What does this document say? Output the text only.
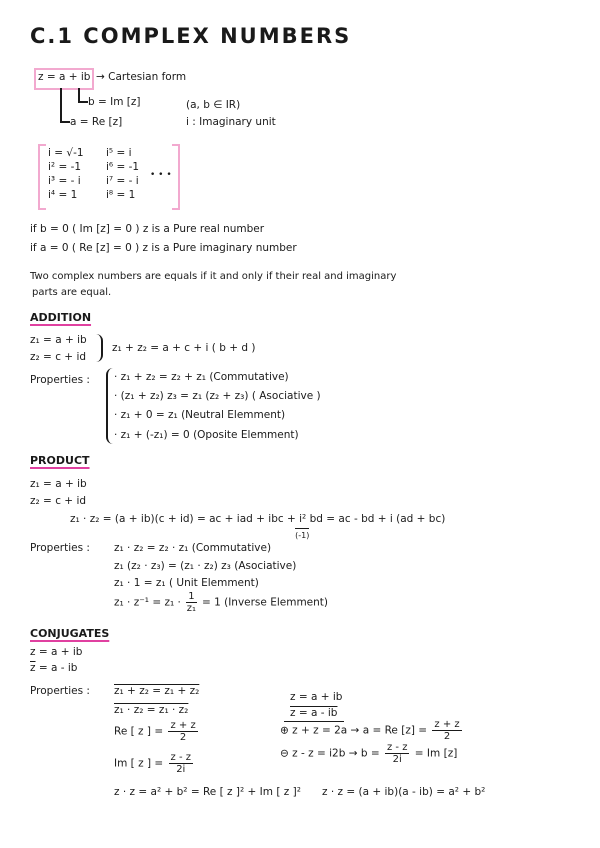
C.1 COMPLEX NUMBERS
z = a + ib → Cartesian form
b = Im [z]
a = Re [z]
(a, b ∈ IR)
i : Imaginary unit
i = √-1
i² = -1
i³ = - i
i⁴ = 1
i⁵ = i
i⁶ = -1
i⁷ = - i
i⁸ = 1
• • •
if b = 0 ( Im [z] = 0 ) z is a Pure real number
if a = 0 ( Re [z] = 0 ) z is a Pure imaginary number
Two complex numbers are equals if it and only if their real and imaginary
parts are equal.
ADDITION
z₁ = a + ib
z₂ = c + id
z₁ + z₂ = a + c + i ( b + d )
Properties : · z₁ + z₂ = z₂ + z₁ (Commutative)
· (z₁ + z₂) z₃ = z₁ (z₂ + z₃) ( Asociative )
· z₁ + 0 = z₁ (Neutral Elemment)
· z₁ + (-z₁) = 0 (Oposite Elemment)
PRODUCT
z₁ = a + ib
z₂ = c + id
z₁ · z₂ = (a + ib)(c + id) = ac + iad + ibc + i²
(-1)
bd = ac - bd + i (ad + bc)
Properties : z₁ · z₂ = z₂ · z₁ (Commutative)
z₁ (z₂ · z₃) = (z₁ · z₂) z₃ (Asociative)
z₁ · 1 = z₁ ( Unit Elemment)
$z_1 \cdot z^{-1} = z_1 \cdot \frac{1}{\text{z₁}} = 1$ (Inverse Elemment)
CONJUGATES
z = a + ib
$\overline{z} = a$ - ib
Properties : z₁ + z₂ = z₁ + z₂
z₁ · z₂ = z₁ · z₂
Re [ z ] = $\frac{z + z}{2}$
Im [ z ] = $\frac{z - z}{2i}$
z · z = a² + b² = Re [ z ]² + Im [ z ]²
z = a + ib
z = a - ib
⊕ z + z = 2a → a = Re $[z] = \frac{z + z}{2}$
⊖ $z - z = i2b \to b = \frac{z - z}{2i} = Im$ [z]
z · z = (a + ib)(a - ib) = a² + b²
